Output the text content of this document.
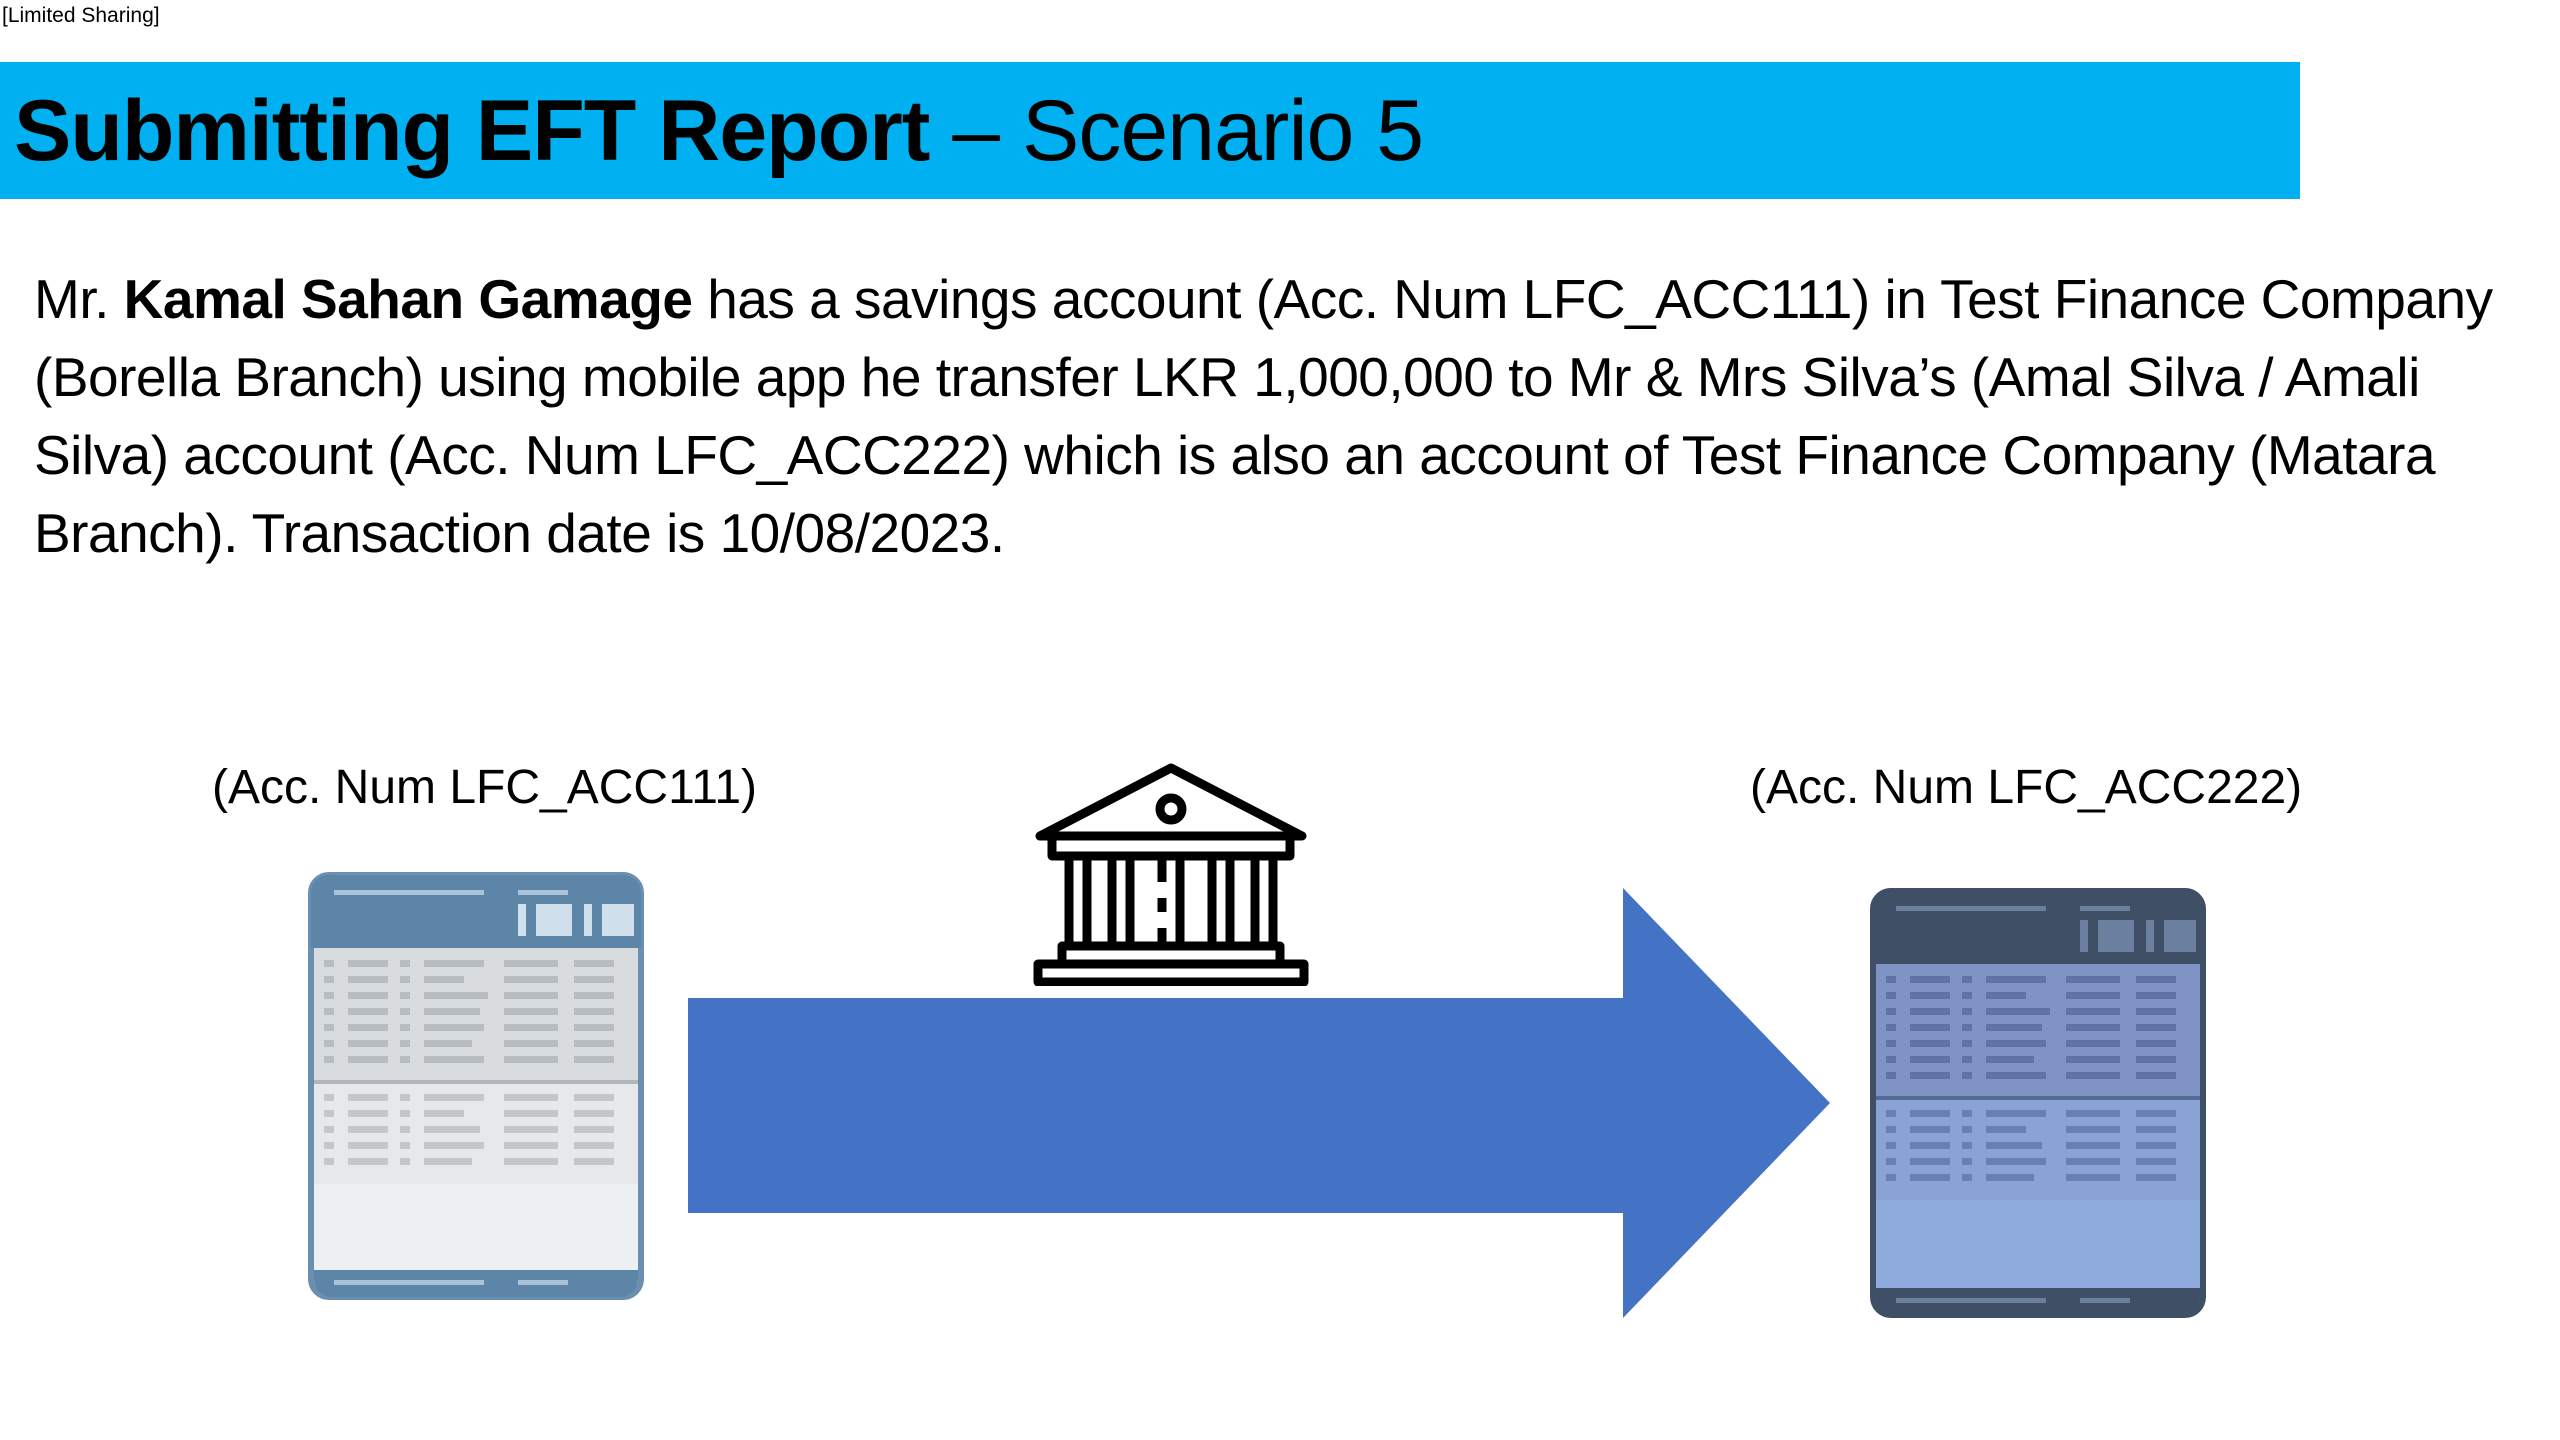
[Limited Sharing]
Submitting EFT Report – Scenario 5
Mr. Kamal Sahan Gamage has a savings account (Acc. Num LFC_ACC111) in Test Finance Company (Borella Branch) using mobile app he transfer LKR 1,000,000 to Mr & Mrs Silva’s (Amal Silva / Amali Silva) account (Acc. Num LFC_ACC222) which is also an account of Test Finance Company (Matara Branch). Transaction date is 10/08/2023.
(Acc. Num LFC_ACC111)	(Acc. Num LFC_ACC222)
